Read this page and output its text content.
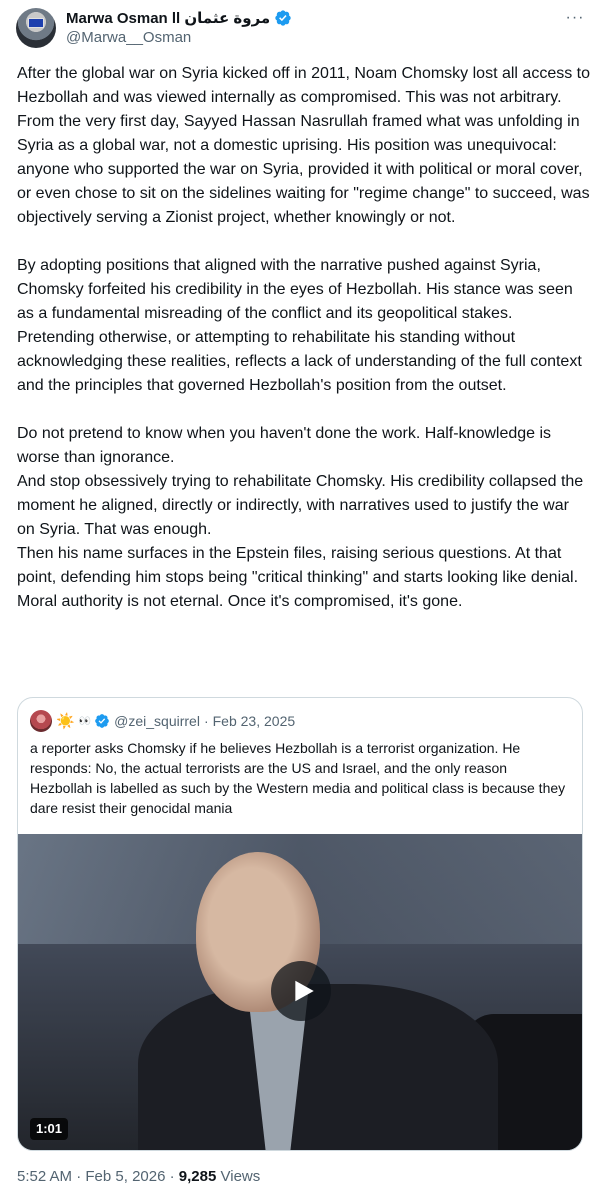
Marwa Osman ll مروة عثمان
@Marwa__Osman
···

After the global war on Syria kicked off in 2011, Noam Chomsky lost all access to Hezbollah and was viewed internally as compromised. This was not arbitrary. From the very first day, Sayyed Hassan Nasrullah framed what was unfolding in Syria as a global war, not a domestic uprising. His position was unequivocal: anyone who supported the war on Syria, provided it with political or moral cover, or even chose to sit on the sidelines waiting for "regime change" to succeed, was objectively serving a Zionist project, whether knowingly or not.

By adopting positions that aligned with the narrative pushed against Syria, Chomsky forfeited his credibility in the eyes of Hezbollah. His stance was seen as a fundamental misreading of the conflict and its geopolitical stakes. Pretending otherwise, or attempting to rehabilitate his standing without acknowledging these realities, reflects a lack of understanding of the full context and the principles that governed Hezbollah's position from the outset.

Do not pretend to know when you haven't done the work. Half-knowledge is worse than ignorance.

And stop obsessively trying to rehabilitate Chomsky. His credibility collapsed the moment he aligned, directly or indirectly, with narratives used to justify the war on Syria. That was enough.

Then his name surfaces in the Epstein files, raising serious questions. At that point, defending him stops being "critical thinking" and starts looking like denial.

Moral authority is not eternal. Once it's compromised, it's gone.

☀️ 👀 @zei_squirrel · Feb 23, 2025
a reporter asks Chomsky if he believes Hezbollah is a terrorist organization. He responds: No, the actual terrorists are the US and Israel, and the only reason Hezbollah is labelled as such by the Western media and political class is because they dare resist their genocidal mania
1:01
5:52 AM · Feb 5, 2026 · 9,285 Views
